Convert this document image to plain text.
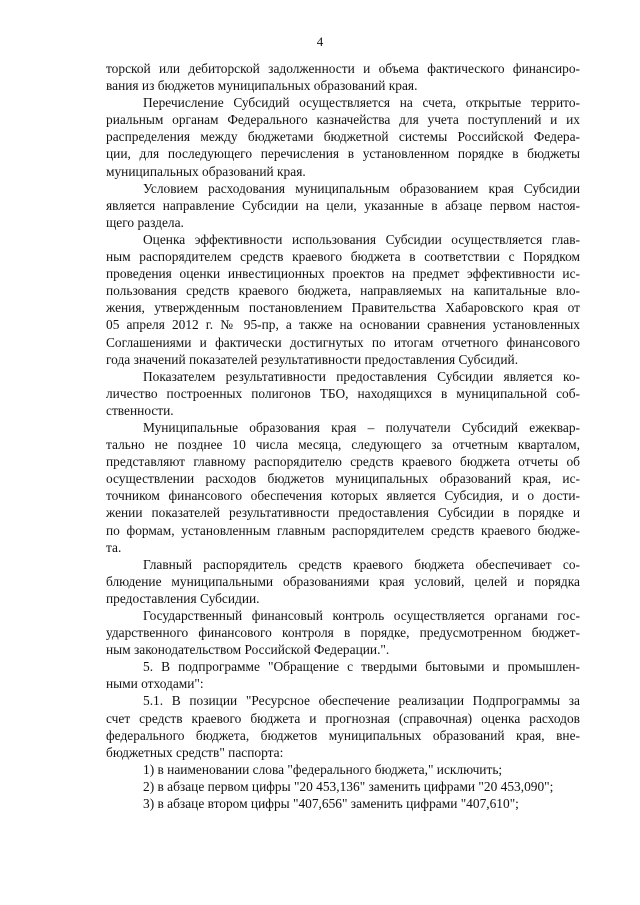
4
торской или дебиторской задолженности и объема фактического финансиро-
вания из бюджетов муниципальных образований края.
Перечисление Субсидий осуществляется на счета, открытые террито-
риальным органам Федерального казначейства для учета поступлений и их
распределения между бюджетами бюджетной системы Российской Федера-
ции, для последующего перечисления в установленном порядке в бюджеты
муниципальных образований края.
Условием расходования муниципальным образованием края Субсидии
является направление Субсидии на цели, указанные в абзаце первом настоя-
щего раздела.
Оценка эффективности использования Субсидии осуществляется глав-
ным распорядителем средств краевого бюджета в соответствии с Порядком
проведения оценки инвестиционных проектов на предмет эффективности ис-
пользования средств краевого бюджета, направляемых на капитальные вло-
жения, утвержденным постановлением Правительства Хабаровского края от
05 апреля 2012 г. № 95-пр, а также на основании сравнения установленных
Соглашениями и фактически достигнутых по итогам отчетного финансового
года значений показателей результативности предоставления Субсидий.
Показателем результативности предоставления Субсидии является ко-
личество построенных полигонов ТБО, находящихся в муниципальной соб-
ственности.
Муниципальные образования края – получатели Субсидий ежеквар-
тально не позднее 10 числа месяца, следующего за отчетным кварталом,
представляют главному распорядителю средств краевого бюджета отчеты об
осуществлении расходов бюджетов муниципальных образований края, ис-
точником финансового обеспечения которых является Субсидия, и о дости-
жении показателей результативности предоставления Субсидии в порядке и
по формам, установленным главным распорядителем средств краевого бюдже-
та.
Главный распорядитель средств краевого бюджета обеспечивает со-
блюдение муниципальными образованиями края условий, целей и порядка
предоставления Субсидии.
Государственный финансовый контроль осуществляется органами гос-
ударственного финансового контроля в порядке, предусмотренном бюджет-
ным законодательством Российской Федерации.".
5. В подпрограмме "Обращение с твердыми бытовыми и промышлен-
ными отходами":
5.1. В позиции "Ресурсное обеспечение реализации Подпрограммы за
счет средств краевого бюджета и прогнозная (справочная) оценка расходов
федерального бюджета, бюджетов муниципальных образований края, вне-
бюджетных средств" паспорта:
1) в наименовании слова "федерального бюджета," исключить;
2) в абзаце первом цифры "20 453,136" заменить цифрами "20 453,090";
3) в абзаце втором цифры "407,656" заменить цифрами "407,610";
